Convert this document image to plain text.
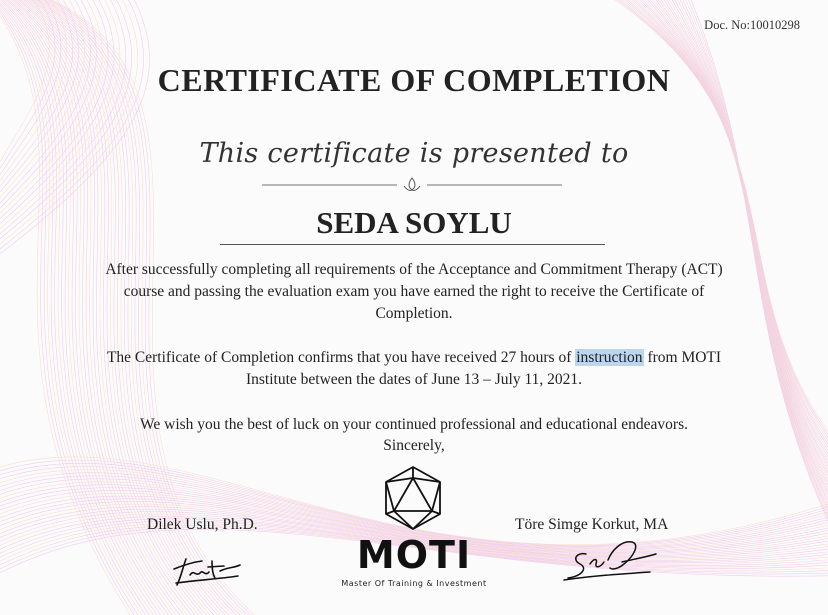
Doc. No:10010298
CERTIFICATE OF COMPLETION
This certificate is presented to
SEDA SOYLU
After successfully completing all requirements of the Acceptance and Commitment Therapy (ACT) course and passing the evaluation exam you have earned the right to receive the Certificate of Completion.
The Certificate of Completion confirms that you have received 27 hours of instruction from MOTI Institute between the dates of June 13 – July 11, 2021.
We wish you the best of luck on your continued professional and educational endeavors.
Sincerely,
MOTI
Master Of Training & Investment
Dilek Uslu, Ph.D.	Töre Simge Korkut, MA
